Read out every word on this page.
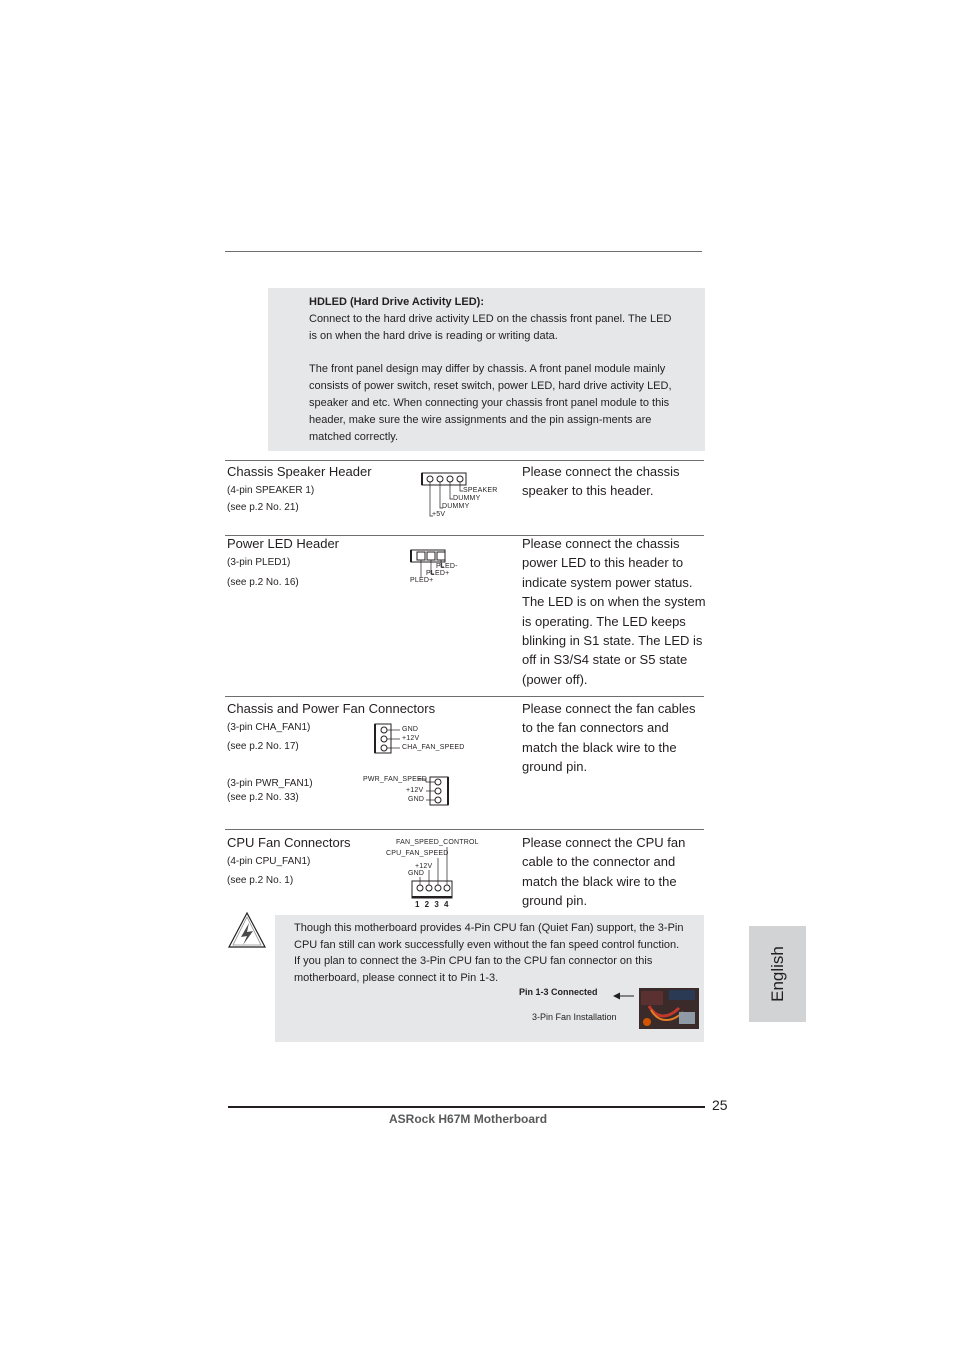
HDLED (Hard Drive Activity LED):
Connect to the hard drive activity LED on the chassis front panel. The LED
is on when the hard drive is reading or writing data.
The front panel design may differ by chassis. A front panel module mainly
consists of power switch, reset switch, power LED, hard drive activity LED,
speaker and etc. When connecting your chassis front panel module to this
header, make sure the wire assignments and the pin assign-ments are
matched correctly.
Chassis Speaker Header
(4-pin SPEAKER 1)
(see p.2 No. 21)
SPEAKER
DUMMY
DUMMY
+5V
Please connect the chassis
speaker to this header.
Power LED Header
(3-pin PLED1)
(see p.2 No. 16)
PLED-
PLED+
PLED+
Please connect the chassis
power LED to this header to
indicate system power status.
The LED is on when the system
is operating. The LED keeps
blinking in S1 state. The LED is
off in S3/S4 state or S5 state
(power off).
Chassis and Power Fan Connectors
(3-pin CHA_FAN1)
(see p.2 No. 17)
GND
+12V
CHA_FAN_SPEED
(3-pin PWR_FAN1)
(see p.2 No. 33)
PWR_FAN_SPEED
+12V
GND
Please connect the fan cables
to the fan connectors and
match the black wire to the
ground pin.
CPU Fan Connectors
(4-pin CPU_FAN1)
(see p.2 No. 1)
FAN_SPEED_CONTROL
CPU_FAN_SPEED
+12V
GND
1 2 3 4
Please connect the CPU fan
cable to the connector and
match the black wire to the
ground pin.
Though this motherboard provides 4-Pin CPU fan (Quiet Fan) support, the 3-Pin
CPU fan still can work successfully even without the fan speed control function.
If you plan to connect the 3-Pin CPU fan to the CPU fan connector on this
motherboard, please connect it to Pin 1-3.
Pin 1-3 Connected
3-Pin Fan Installation
English
25
ASRock H67M Motherboard
